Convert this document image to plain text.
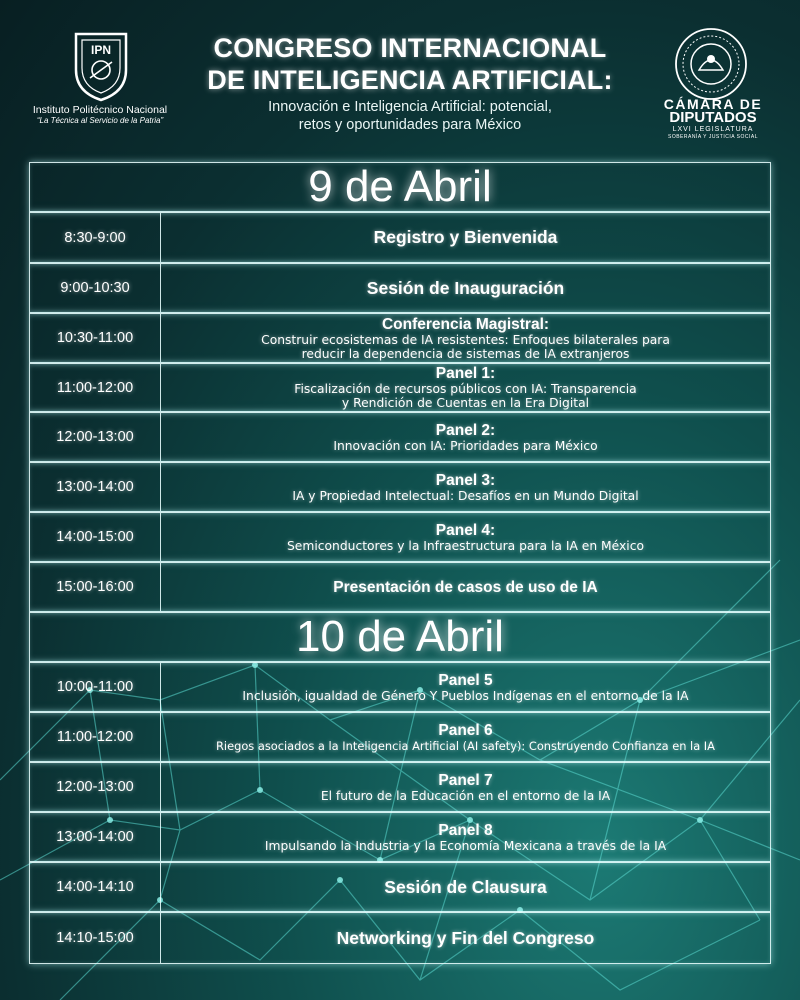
IPN
Instituto Politécnico Nacional
“La Técnica al Servicio de la Patria”
CONGRESO INTERNACIONAL
DE INTELIGENCIA ARTIFICIAL:
Innovación e Inteligencia Artificial: potencial,
retos y oportunidades para México
CÁMARA DE
DIPUTADOS
LXVI LEGISLATURA
SOBERANÍA Y JUSTICIA SOCIAL
9 de Abril
8:30-9:00	Registro y Bienvenida
9:00-10:30	Sesión de Inauguración
10:30-11:00
Conferencia Magistral:
Construir ecosistemas de IA resistentes: Enfoques bilaterales para
reducir la dependencia de sistemas de IA extranjeros
11:00-12:00
Panel 1:
Fiscalización de recursos públicos con IA: Transparencia
y Rendición de Cuentas en la Era Digital
12:00-13:00	Panel 2:
Innovación con IA: Prioridades para México
13:00-14:00	Panel 3:
IA y Propiedad Intelectual: Desafíos en un Mundo Digital
14:00-15:00	Panel 4:
Semiconductores y la Infraestructura para la IA en México
15:00-16:00	Presentación de casos de uso de IA
10 de Abril
10:00-11:00	Panel 5
Inclusión, igualdad de Género Y Pueblos Indígenas en el entorno de la IA
11:00-12:00	Panel 6
Riegos asociados a la Inteligencia Artificial (AI safety): Construyendo Confianza en la IA
12:00-13:00	Panel 7
El futuro de la Educación en el entorno de la IA
13:00-14:00	Panel 8
Impulsando la Industria y la Economía Mexicana a través de la IA
14:00-14:10	Sesión de Clausura
14:10-15:00	Networking y Fin del Congreso
